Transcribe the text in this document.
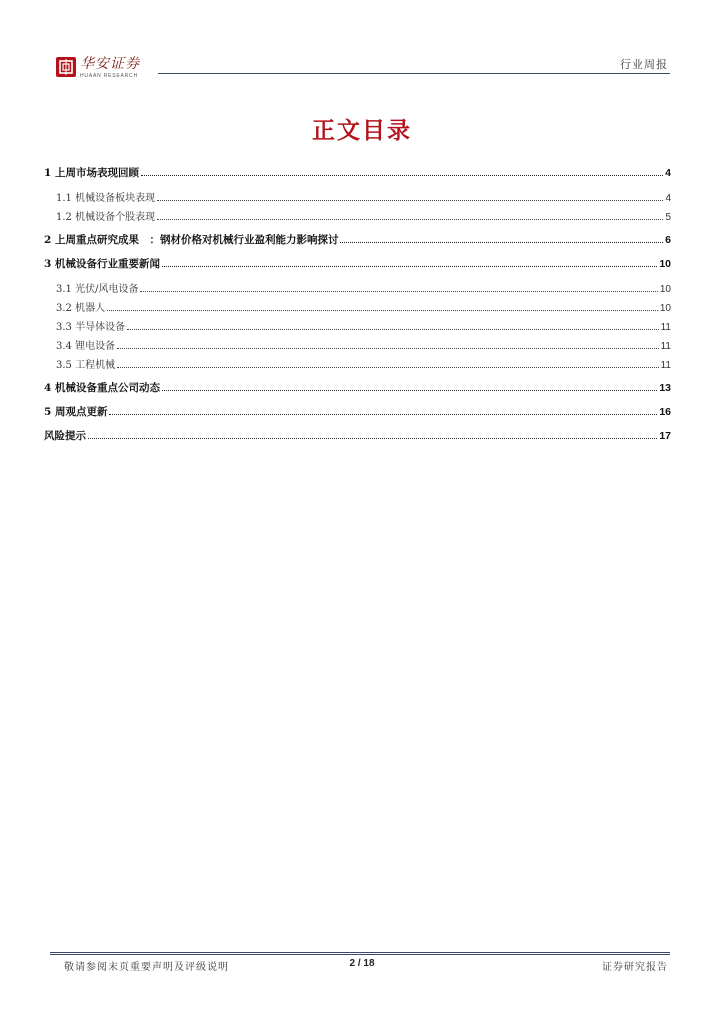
华安证券
HUAAN RESEARCH
行业周报
正文目录
1 上周市场表现回顾	4
1.1 机械设备板块表现	4
1.2 机械设备个股表现	5
2 上周重点研究成果　：钢材价格对机械行业盈利能力影响探讨	6
3 机械设备行业重要新闻	10
3.1 光伏/风电设备	10
3.2 机器人	10
3.3 半导体设备	11
3.4 锂电设备	11
3.5 工程机械	11
4 机械设备重点公司动态	13
5 周观点更新	16
风险提示	17
敬请参阅末页重要声明及评级说明	2 / 18	证券研究报告
